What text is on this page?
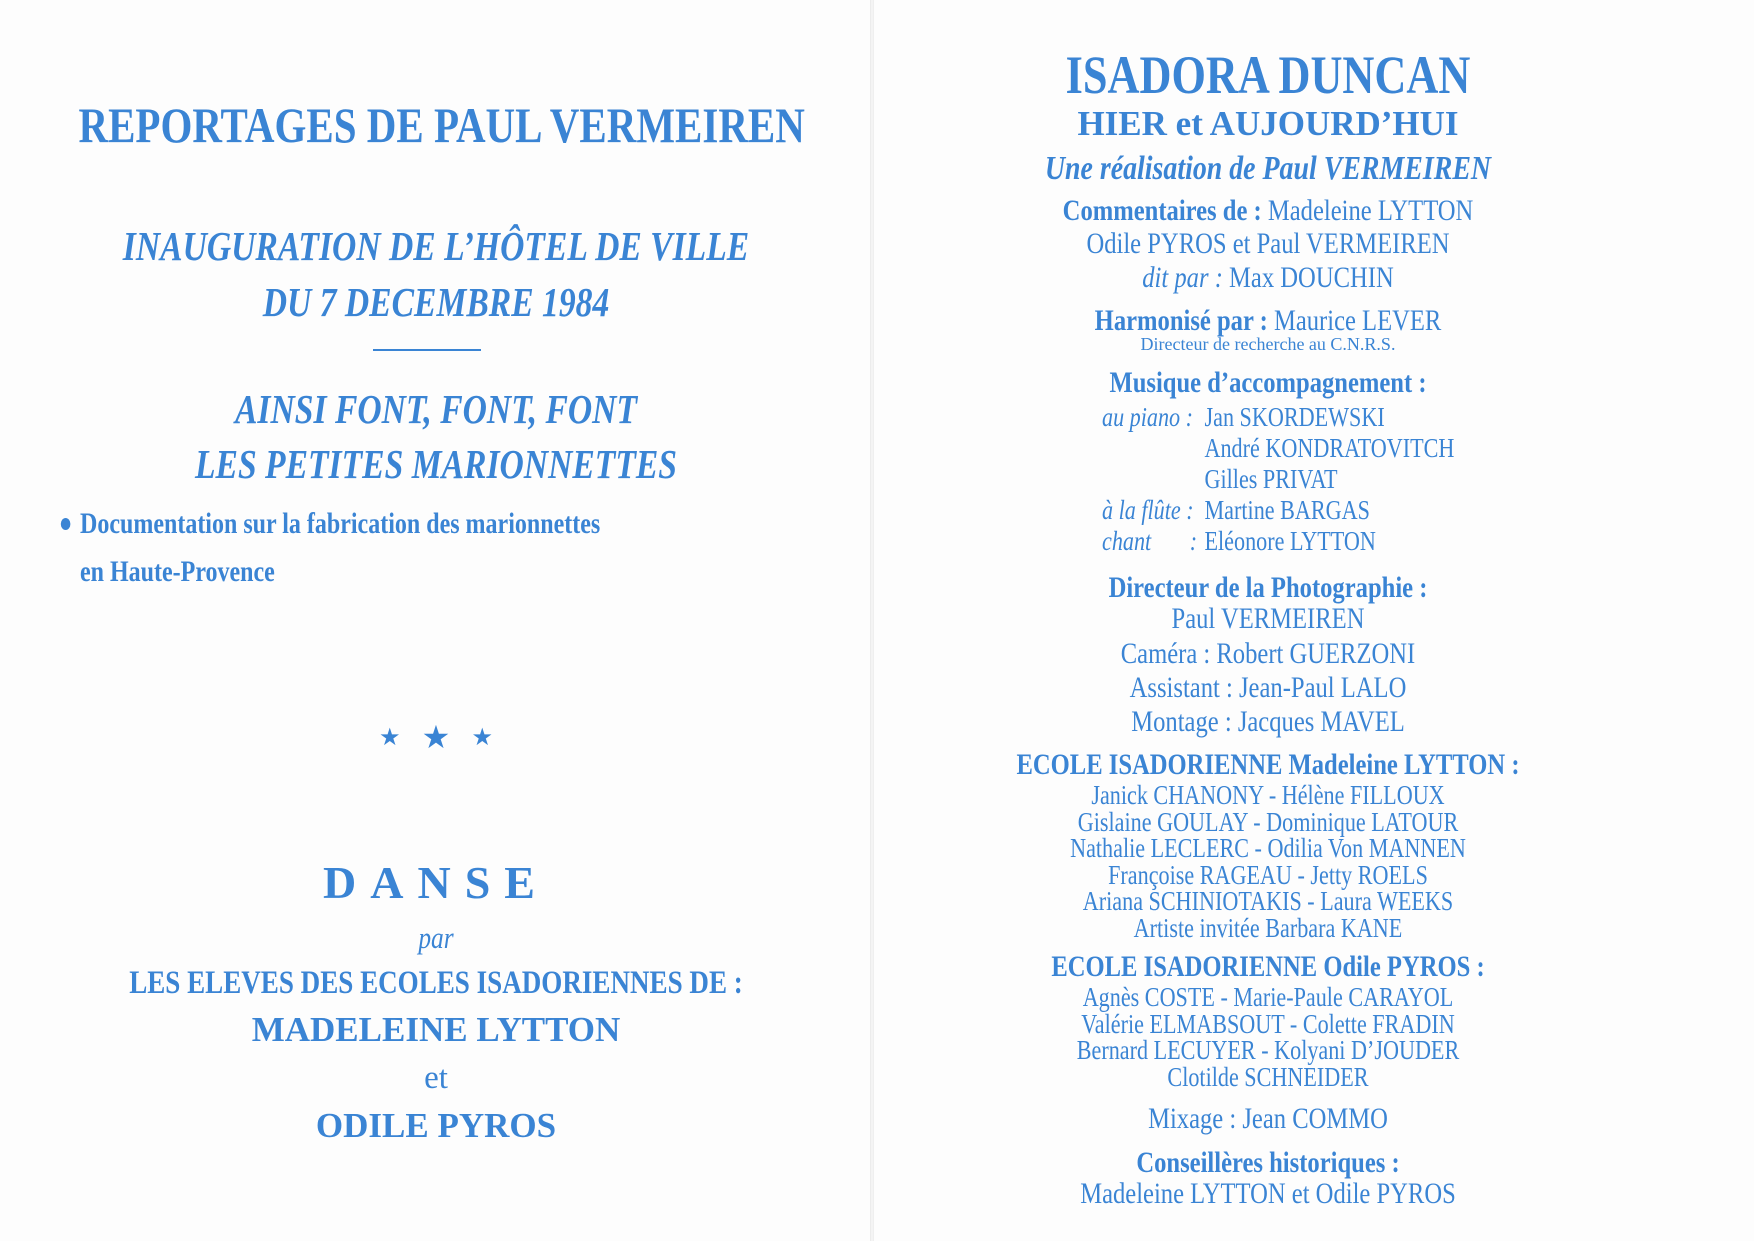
REPORTAGES DE PAUL VERMEIREN
INAUGURATION DE L’HÔTEL DE VILLE
DU 7 DECEMBRE 1984
AINSI FONT, FONT, FONT
LES PETITES MARIONNETTES
Documentation sur la fabrication des marionnettes
en Haute-Provence
★ ★ ★
DANSE
par
LES ELEVES DES ECOLES ISADORIENNES DE :
MADELEINE LYTTON
et
ODILE PYROS
ISADORA DUNCAN
HIER et AUJOURD’HUI
Une réalisation de Paul VERMEIREN
Commentaires de : Madeleine LYTTON
Odile PYROS et Paul VERMEIREN
dit par : Max DOUCHIN
Harmonisé par : Maurice LEVER
Directeur de recherche au C.N.R.S.
Musique d’accompagnement :
au piano : Jan SKORDEWSKI
André KONDRATOVITCH
Gilles PRIVAT
à la flûte : Martine BARGAS
chant : Eléonore LYTTON
Directeur de la Photographie :
Paul VERMEIREN
Caméra : Robert GUERZONI
Assistant : Jean-Paul LALO
Montage : Jacques MAVEL
ECOLE ISADORIENNE Madeleine LYTTON :
Janick CHANONY - Hélène FILLOUX
Gislaine GOULAY - Dominique LATOUR
Nathalie LECLERC - Odilia Von MANNEN
Françoise RAGEAU - Jetty ROELS
Ariana SCHINIOTAKIS - Laura WEEKS
Artiste invitée Barbara KANE
ECOLE ISADORIENNE Odile PYROS :
Agnès COSTE - Marie-Paule CARAYOL
Valérie ELMABSOUT - Colette FRADIN
Bernard LECUYER - Kolyani D’JOUDER
Clotilde SCHNEIDER
Mixage : Jean COMMO
Conseillères historiques :
Madeleine LYTTON et Odile PYROS
